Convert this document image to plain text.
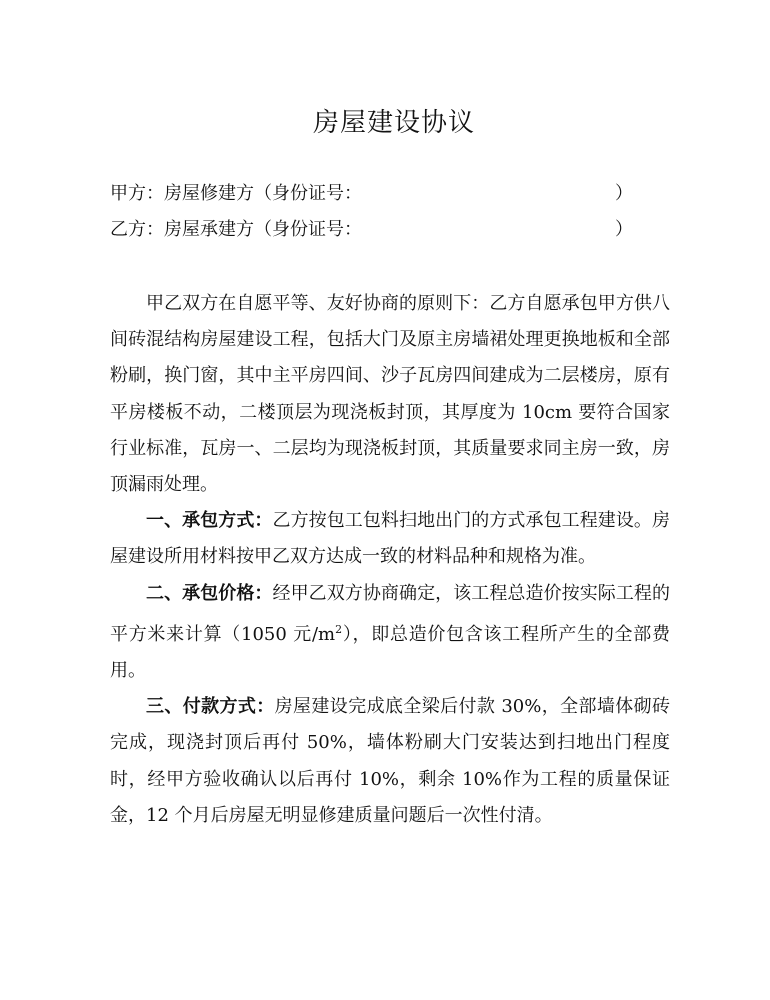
房屋建设协议
甲方：房屋修建方（身份证号：	）
乙方：房屋承建方（身份证号：	）

甲乙双方在自愿平等、友好协商的原则下：乙方自愿承包甲方供八间砖混结构房屋建设工程，包括大门及原主房墙裙处理更换地板和全部粉刷，换门窗，其中主平房四间、沙子瓦房四间建成为二层楼房，原有平房楼板不动，二楼顶层为现浇板封顶，其厚度为 10cm 要符合国家行业标准，瓦房一、二层均为现浇板封顶，其质量要求同主房一致，房顶漏雨处理。

一、承包方式：乙方按包工包料扫地出门的方式承包工程建设。房屋建设所用材料按甲乙双方达成一致的材料品种和规格为准。

二、承包价格：经甲乙双方协商确定，该工程总造价按实际工程的平方米来计算（1050 元$/m^2$），即总造价包含该工程所产生的全部费用。

三、付款方式：房屋建设完成底全梁后付款 30%，全部墙体砌砖完成，现浇封顶后再付 50%，墙体粉刷大门安装达到扫地出门程度时，经甲方验收确认以后再付 10%，剩余 10%作为工程的质量保证金，12 个月后房屋无明显修建质量问题后一次性付清。
